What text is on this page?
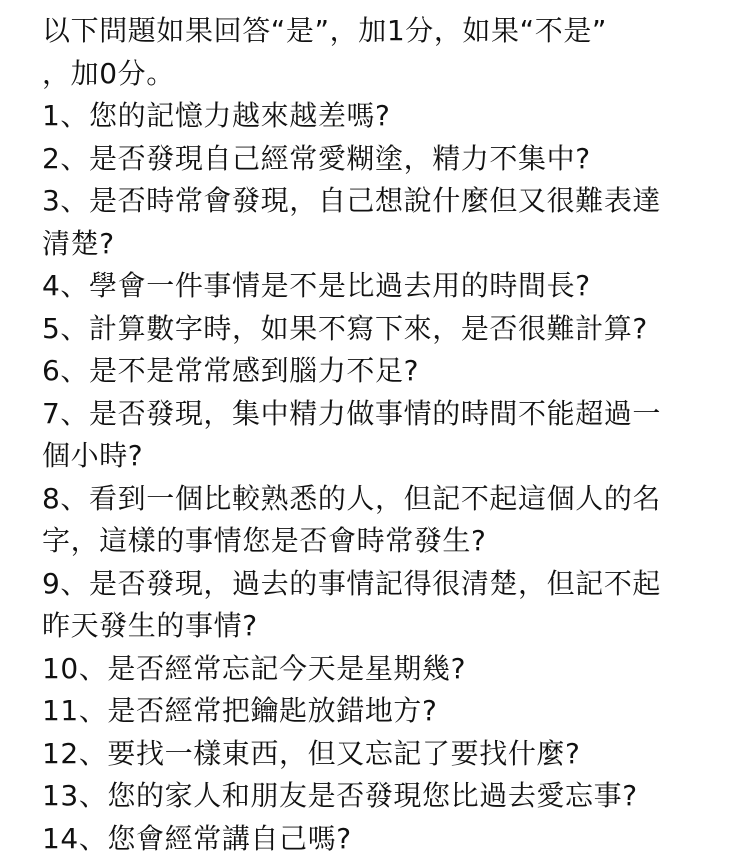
以下問題如果回答“是”，加1分，如果“不是”
，加0分。
1、您的記憶力越來越差嗎?
2、是否發現自己經常愛糊塗，精力不集中?
3、是否時常會發現，自己想說什麼但又很難表達
清楚?
4、學會一件事情是不是比過去用的時間長?
5、計算數字時，如果不寫下來，是否很難計算?
6、是不是常常感到腦力不足?
7、是否發現，集中精力做事情的時間不能超過一
個小時?
8、看到一個比較熟悉的人，但記不起這個人的名
字，這樣的事情您是否會時常發生?
9、是否發現，過去的事情記得很清楚，但記不起
昨天發生的事情?
10、是否經常忘記今天是星期幾?
11、是否經常把鑰匙放錯地方?
12、要找一樣東西，但又忘記了要找什麼?
13、您的家人和朋友是否發現您比過去愛忘事?
14、您會經常講自己嗎?
